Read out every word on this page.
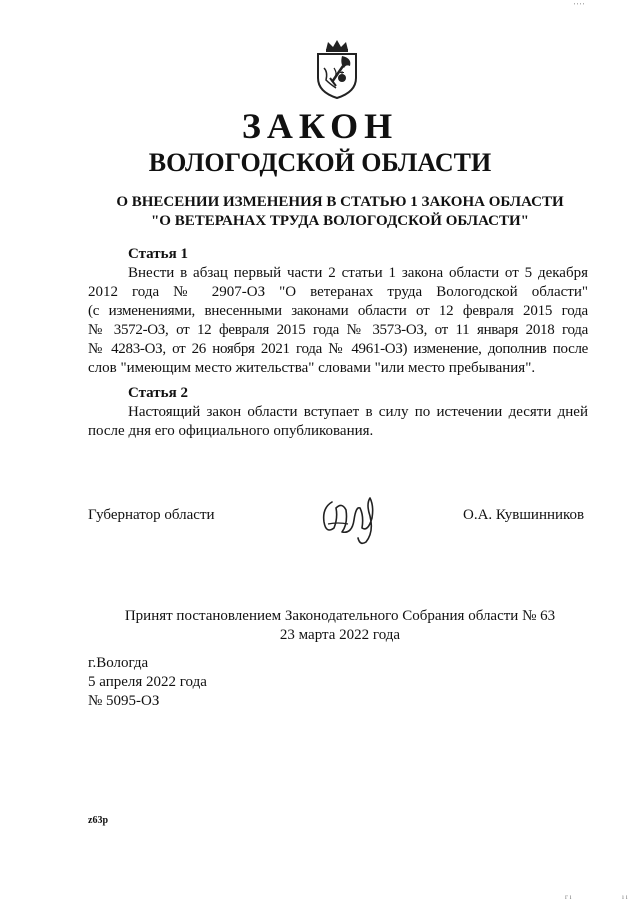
ЗАКОН
ВОЛОГОДСКОЙ ОБЛАСТИ
О ВНЕСЕНИИ ИЗМЕНЕНИЯ В СТАТЬЮ 1 ЗАКОНА ОБЛАСТИ
"О ВЕТЕРАНАХ ТРУДА ВОЛОГОДСКОЙ ОБЛАСТИ"
Статья 1
Внести в абзац первый части 2 статьи 1 закона области от 5 декабря
2012 года № 2907-ОЗ "О ветеранах труда Вологодской области"
(с изменениями, внесенными законами области от 12 февраля 2015 года
№ 3572-ОЗ, от 12 февраля 2015 года № 3573-ОЗ, от 11 января 2018 года
№ 4283-ОЗ, от 26 ноября 2021 года № 4961-ОЗ) изменение, дополнив после
слов "имеющим место жительства" словами "или место пребывания".
Статья 2
Настоящий закон области вступает в силу по истечении десяти дней
после дня его официального опубликования.
Губернатор области	О.А. Кувшинников
Принят постановлением Законодательного Собрания области № 63
23 марта 2022 года
г.Вологда
5 апреля 2022 года
№ 5095-ОЗ
z63p
' ' ' '
г ı	ı ı
